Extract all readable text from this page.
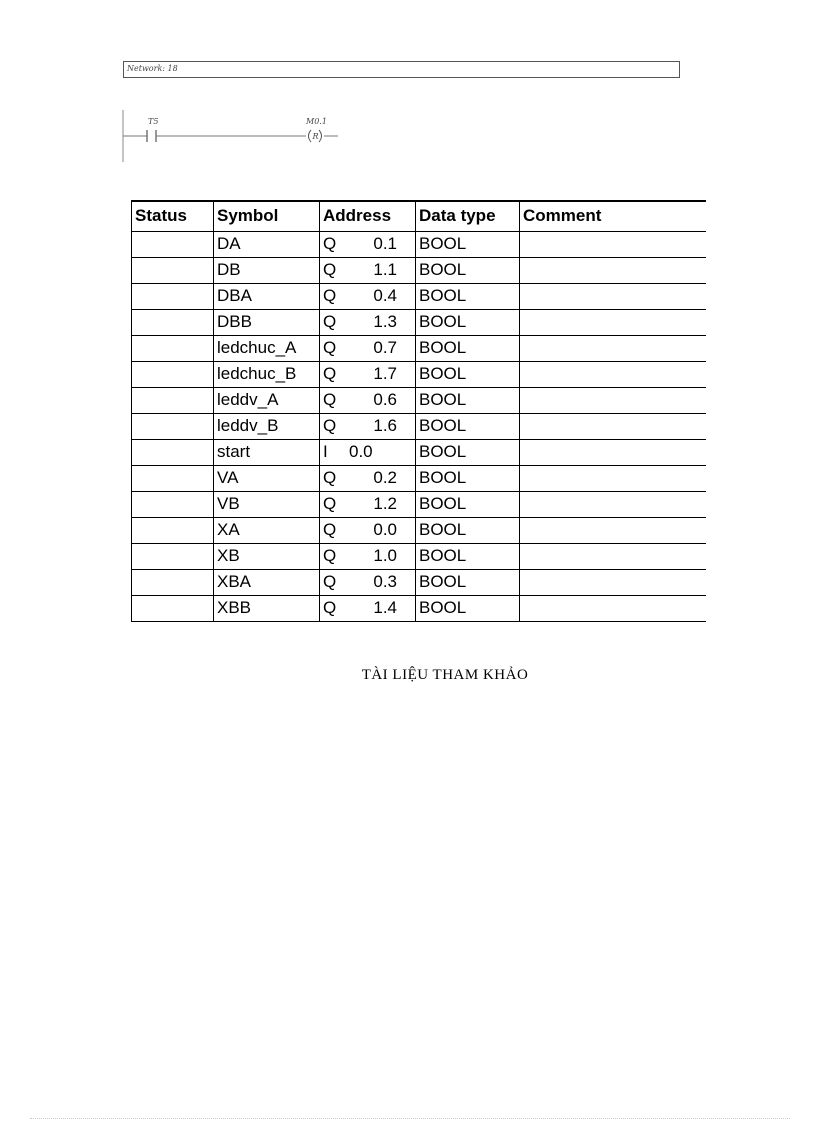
Network: 18
T5	M0.1
R
Status	Symbol	Address	Data type	Comment
	DA	Q 0.1	BOOL	
	DB	Q 1.1	BOOL	
	DBA	Q 0.4	BOOL	
	DBB	Q 1.3	BOOL	
	ledchuc_A	Q 0.7	BOOL	
	ledchuc_B	Q 1.7	BOOL	
	leddv_A	Q 0.6	BOOL	
	leddv_B	Q 1.6	BOOL	
	start	I 0.0	BOOL	
	VA	Q 0.2	BOOL	
	VB	Q 1.2	BOOL	
	XA	Q 0.0	BOOL	
	XB	Q 1.0	BOOL	
	XBA	Q 0.3	BOOL	
	XBB	Q 1.4	BOOL	
TÀI LIỆU THAM KHẢO
